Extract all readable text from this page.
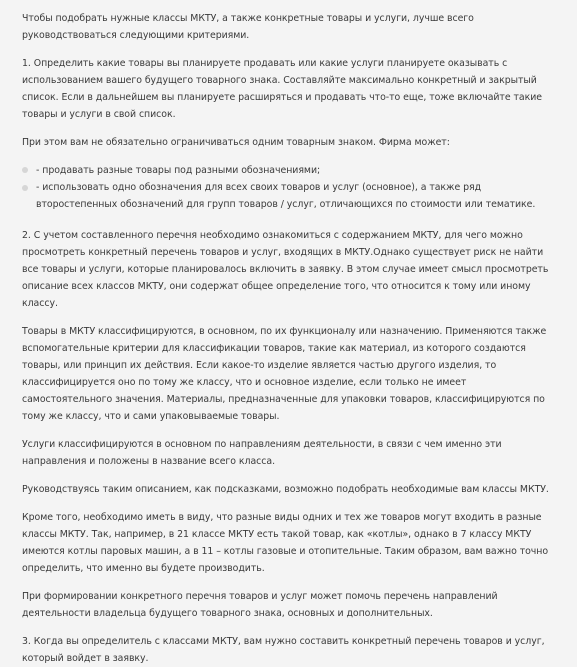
Чтобы подобрать нужные классы МКТУ, а также конкретные товары и услуги, лучше всего руководствоваться следующими критериями.

1. Определить какие товары вы планируете продавать или какие услуги планируете оказывать с использованием вашего будущего товарного знака. Составляйте максимально конкретный и закрытый список. Если в дальнейшем вы планируете расширяться и продавать что-то еще, тоже включайте такие товары и услуги в свой список.

При этом вам не обязательно ограничиваться одним товарным знаком. Фирма может:

- продавать разные товары под разными обозначениями;
- использовать одно обозначения для всех своих товаров и услуг (основное), а также ряд второстепенных обозначений для групп товаров / услуг, отличающихся по стоимости или тематике.

2. С учетом составленного перечня необходимо ознакомиться с содержанием МКТУ, для чего можно просмотреть конкретный перечень товаров и услуг, входящих в МКТУ.Однако существует риск не найти все товары и услуги, которые планировалось включить в заявку. В этом случае имеет смысл просмотреть описание всех классов МКТУ, они содержат общее определение того, что относится к тому или иному классу.

Товары в МКТУ классифицируются, в основном, по их функционалу или назначению. Применяются также вспомогательные критерии для классификации товаров, такие как материал, из которого создаются товары, или принцип их действия. Если какое-то изделие является частью другого изделия, то классифицируется оно по тому же классу, что и основное изделие, если только не имеет самостоятельного значения. Материалы, предназначенные для упаковки товаров, классифицируются по тому же классу, что и сами упаковываемые товары.

Услуги классифицируются в основном по направлениям деятельности, в связи с чем именно эти направления и положены в название всего класса.

Руководствуясь таким описанием, как подсказками, возможно подобрать необходимые вам классы МКТУ.

Кроме того, необходимо иметь в виду, что разные виды одних и тех же товаров могут входить в разные классы МКТУ. Так, например, в 21 классе МКТУ есть такой товар, как «котлы», однако в 7 классу МКТУ имеются котлы паровых машин, а в 11 – котлы газовые и отопительные. Таким образом, вам важно точно определить, что именно вы будете производить.

При формировании конкретного перечня товаров и услуг может помочь перечень направлений деятельности владельца будущего товарного знака, основных и дополнительных.

3. Когда вы определитель с классами МКТУ, вам нужно составить конкретный перечень товаров и услуг, который войдет в заявку.
